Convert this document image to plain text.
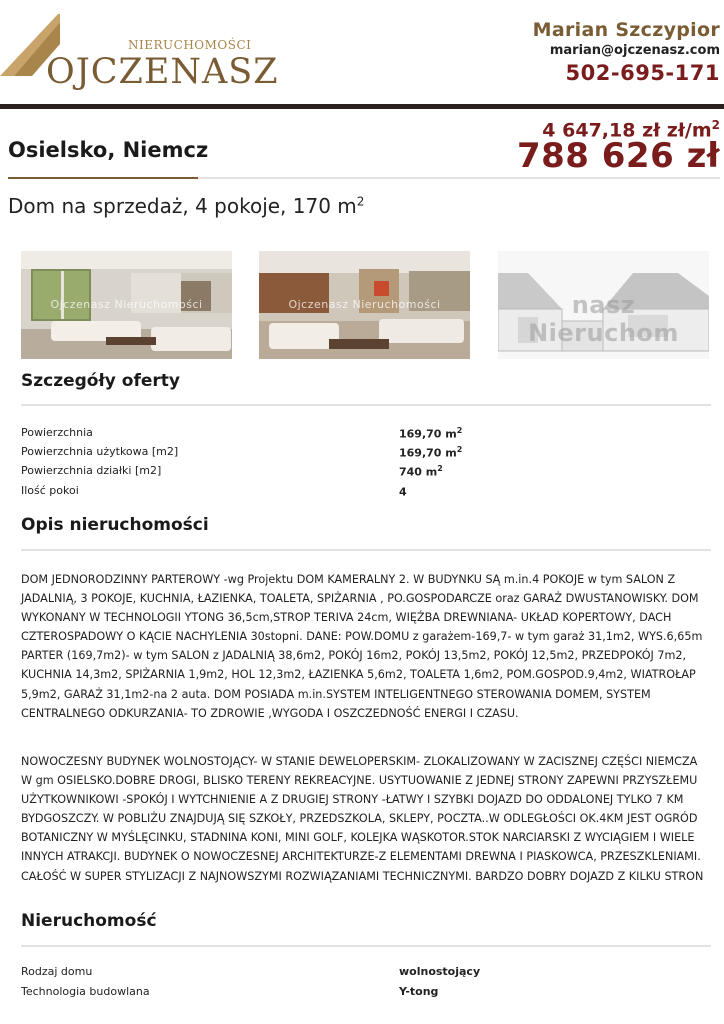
NIERUCHOMOŚCI
OJCZENASZ
Marian Szczypior
marian@ojczenasz.com
502-695-171
Osielsko, Niemcz
4 647,18 zł $zł/m^2$
788 626 zł
Dom na sprzedaż, 4 pokoje, 170 $m^2$
Ojczenasz Nieruchomości	Ojczenasz Nieruchomości	nasz Nieruchom
Szczegóły oferty
Powierzchnia	169,70 $m^2$
Powierzchnia użytkowa [m2]	169,70 $m^2$
Powierzchnia działki [m2]	740 $m^2$
Ilość pokoi	4
Opis nieruchomości
DOM JEDNORODZINNY PARTEROWY -wg Projektu DOM KAMERALNY 2. W BUDYNKU SĄ m.in.4 POKOJE w tym SALON Z JADALNIĄ, 3 POKOJE, KUCHNIA, ŁAZIENKA, TOALETA, SPIŻARNIA , PO.GOSPODARCZE oraz GARAŻ DWUSTANOWISKY. DOM WYKONANY W TECHNOLOGII YTONG 36,5cm,STROP TERIVA 24cm, WIĘŹBA DREWNIANA- UKŁAD KOPERTOWY, DACH CZTEROSPADOWY O KĄCIE NACHYLENIA 30stopni. DANE: POW.DOMU z garażem-169,7- w tym garaż 31,1m2, WYS.6,65m PARTER (169,7m2)- w tym SALON z JADALNIĄ 38,6m2, POKÓJ 16m2, POKÓJ 13,5m2, POKÓJ 12,5m2, PRZEDPOKÓJ 7m2, KUCHNIA 14,3m2, SPIŻARNIA 1,9m2, HOL 12,3m2, ŁAZIENKA 5,6m2, TOALETA 1,6m2, POM.GOSPOD.9,4m2, WIATROŁAP 5,9m2, GARAŻ 31,1m2-na 2 auta. DOM POSIADA m.in.SYSTEM INTELIGENTNEGO STEROWANIA DOMEM, SYSTEM CENTRALNEGO ODKURZANIA- TO ZDROWIE ,WYGODA I OSZCZEDNOŚĆ ENERGI I CZASU.
NOWOCZESNY BUDYNEK WOLNOSTOJĄCY- W STANIE DEWELOPERSKIM- ZLOKALIZOWANY W ZACISZNEJ CZĘŚCI NIEMCZA W gm OSIELSKO.DOBRE DROGI, BLISKO TERENY REKREACYJNE. USYTUOWANIE Z JEDNEJ STRONY ZAPEWNI PRZYSZŁEMU UŻYTKOWNIKOWI -SPOKÓJ I WYTCHNIENIE A Z DRUGIEJ STRONY -ŁATWY I SZYBKI DOJAZD DO ODDALONEJ TYLKO 7 KM BYDGOSZCZY. W POBLIŻU ZNAJDUJĄ SIĘ SZKOŁY, PRZEDSZKOLA, SKLEPY, POCZTA..W ODLEGŁOŚCI OK.4KM JEST OGRÓD BOTANICZNY W MYŚLĘCINKU, STADNINA KONI, MINI GOLF, KOLEJKA WĄSKOTOR.STOK NARCIARSKI Z WYCIĄGIEM I WIELE INNYCH ATRAKCJI. BUDYNEK O NOWOCZESNEJ ARCHITEKTURZE-Z ELEMENTAMI DREWNA I PIASKOWCA, PRZESZKLENIAMI. CAŁOŚĆ W SUPER STYLIZACJI Z NAJNOWSZYMI ROZWIĄZANIAMI TECHNICZNYMI. BARDZO DOBRY DOJAZD Z KILKU STRON
Nieruchomość
Rodzaj domu	wolnostojący
Technologia budowlana	Y-tong
